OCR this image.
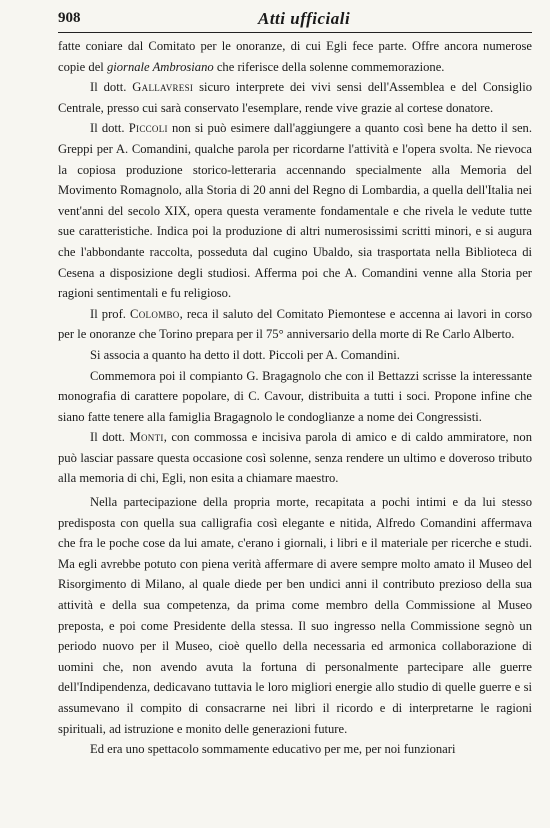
908	Atti ufficiali

fatte coniare dal Comitato per le onoranze, di cui Egli fece parte. Offre ancora numerose copie del giornale Ambrosiano che riferisce della solenne commemorazione.

Il dott. Gallavresi sicuro interprete dei vivi sensi dell'Assemblea e del Consiglio Centrale, presso cui sarà conservato l'esemplare, rende vive grazie al cortese donatore.

Il dott. Piccoli non si può esimere dall'aggiungere a quanto così bene ha detto il sen. Greppi per A. Comandini, qualche parola per ricordarne l'attività e l'opera svolta. Ne rievoca la copiosa produzione storico-letteraria accennando specialmente alla Memoria del Movimento Romagnolo, alla Storia di 20 anni del Regno di Lombardia, a quella dell'Italia nei vent'anni del secolo XIX, opera questa veramente fondamentale e che rivela le vedute tutte sue caratteristiche. Indica poi la produzione di altri numerosissimi scritti minori, e si augura che l'abbondante raccolta, posseduta dal cugino Ubaldo, sia trasportata nella Biblioteca di Cesena a disposizione degli studiosi. Afferma poi che A. Comandini venne alla Storia per ragioni sentimentali e fu religioso.

Il prof. Colombo, reca il saluto del Comitato Piemontese e accenna ai lavori in corso per le onoranze che Torino prepara per il 75° anniversario della morte di Re Carlo Alberto.

Si associa a quanto ha detto il dott. Piccoli per A. Comandini.

Commemora poi il compianto G. Bragagnolo che con il Bettazzi scrisse la interessante monografia di carattere popolare, di C. Cavour, distribuita a tutti i soci. Propone infine che siano fatte tenere alla famiglia Bragagnolo le condoglianze a nome dei Congressisti.

Il dott. Monti, con commossa e incisiva parola di amico e di caldo ammiratore, non può lasciar passare questa occasione così solenne, senza rendere un ultimo e doveroso tributo alla memoria di chi, Egli, non esita a chiamare maestro.

Nella partecipazione della propria morte, recapitata a pochi intimi e da lui stesso predisposta con quella sua calligrafia così elegante e nitida, Alfredo Comandini affermava che fra le poche cose da lui amate, c'erano i giornali, i libri e il materiale per ricerche e studi. Ma egli avrebbe potuto con piena verità affermare di avere sempre molto amato il Museo del Risorgimento di Milano, al quale diede per ben undici anni il contributo prezioso della sua attività e della sua competenza, da prima come membro della Commissione al Museo preposta, e poi come Presidente della stessa. Il suo ingresso nella Commissione segnò un periodo nuovo per il Museo, cioè quello della necessaria ed armonica collaborazione di uomini che, non avendo avuta la fortuna di personalmente partecipare alle guerre dell'Indipendenza, dedicavano tuttavia le loro migliori energie allo studio di quelle guerre e si assumevano il compito di consacrarne nei libri il ricordo e di interpretarne le ragioni spirituali, ad istruzione e monito delle generazioni future.

Ed era uno spettacolo sommamente educativo per me, per noi funzionari
